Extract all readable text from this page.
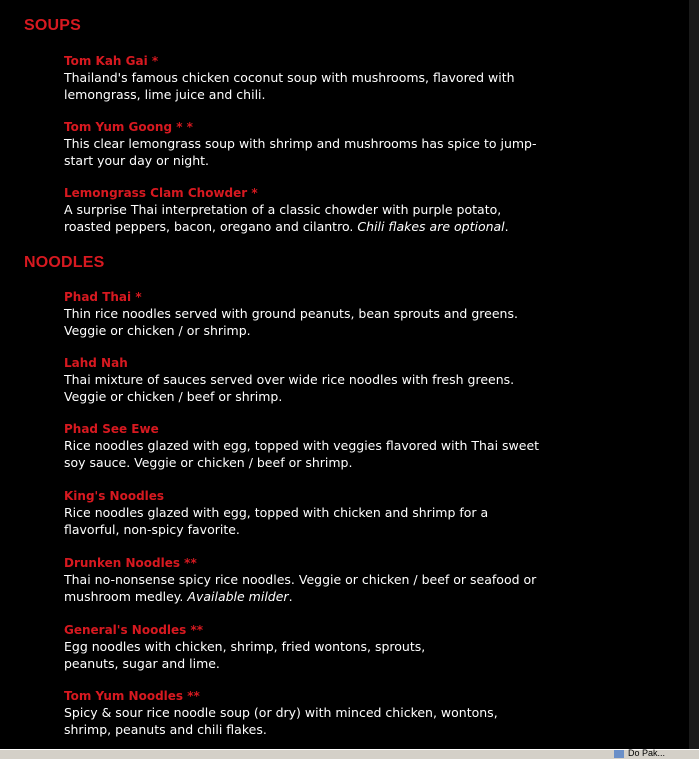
SOUPS
Tom Kah Gai *

Thailand's famous chicken coconut soup with mushrooms, flavored with lemongrass, lime juice and chili.

Tom Yum Goong * *

This clear lemongrass soup with shrimp and mushrooms has spice to jump-start your day or night.

Lemongrass Clam Chowder *

A surprise Thai interpretation of a classic chowder with purple potato, roasted peppers, bacon, oregano and cilantro. Chili flakes are optional.

NOODLES
Phad Thai *

Thin rice noodles served with ground peanuts, bean sprouts and greens. Veggie or chicken / or shrimp.

Lahd Nah

Thai mixture of sauces served over wide rice noodles with fresh greens. Veggie or chicken / beef or shrimp.

Phad See Ewe

Rice noodles glazed with egg, topped with veggies flavored with Thai sweet soy sauce. Veggie or chicken / beef or shrimp.

King's Noodles

Rice noodles glazed with egg, topped with chicken and shrimp for a flavorful, non-spicy favorite.

Drunken Noodles **

Thai no-nonsense spicy rice noodles. Veggie or chicken / beef or seafood or mushroom medley. Available milder.

General's Noodles **

Egg noodles with chicken, shrimp, fried wontons, sprouts, peanuts, sugar and lime.

Tom Yum Noodles **

Spicy & sour rice noodle soup (or dry) with minced chicken, wontons, shrimp, peanuts and chili flakes.

Do Pak...
